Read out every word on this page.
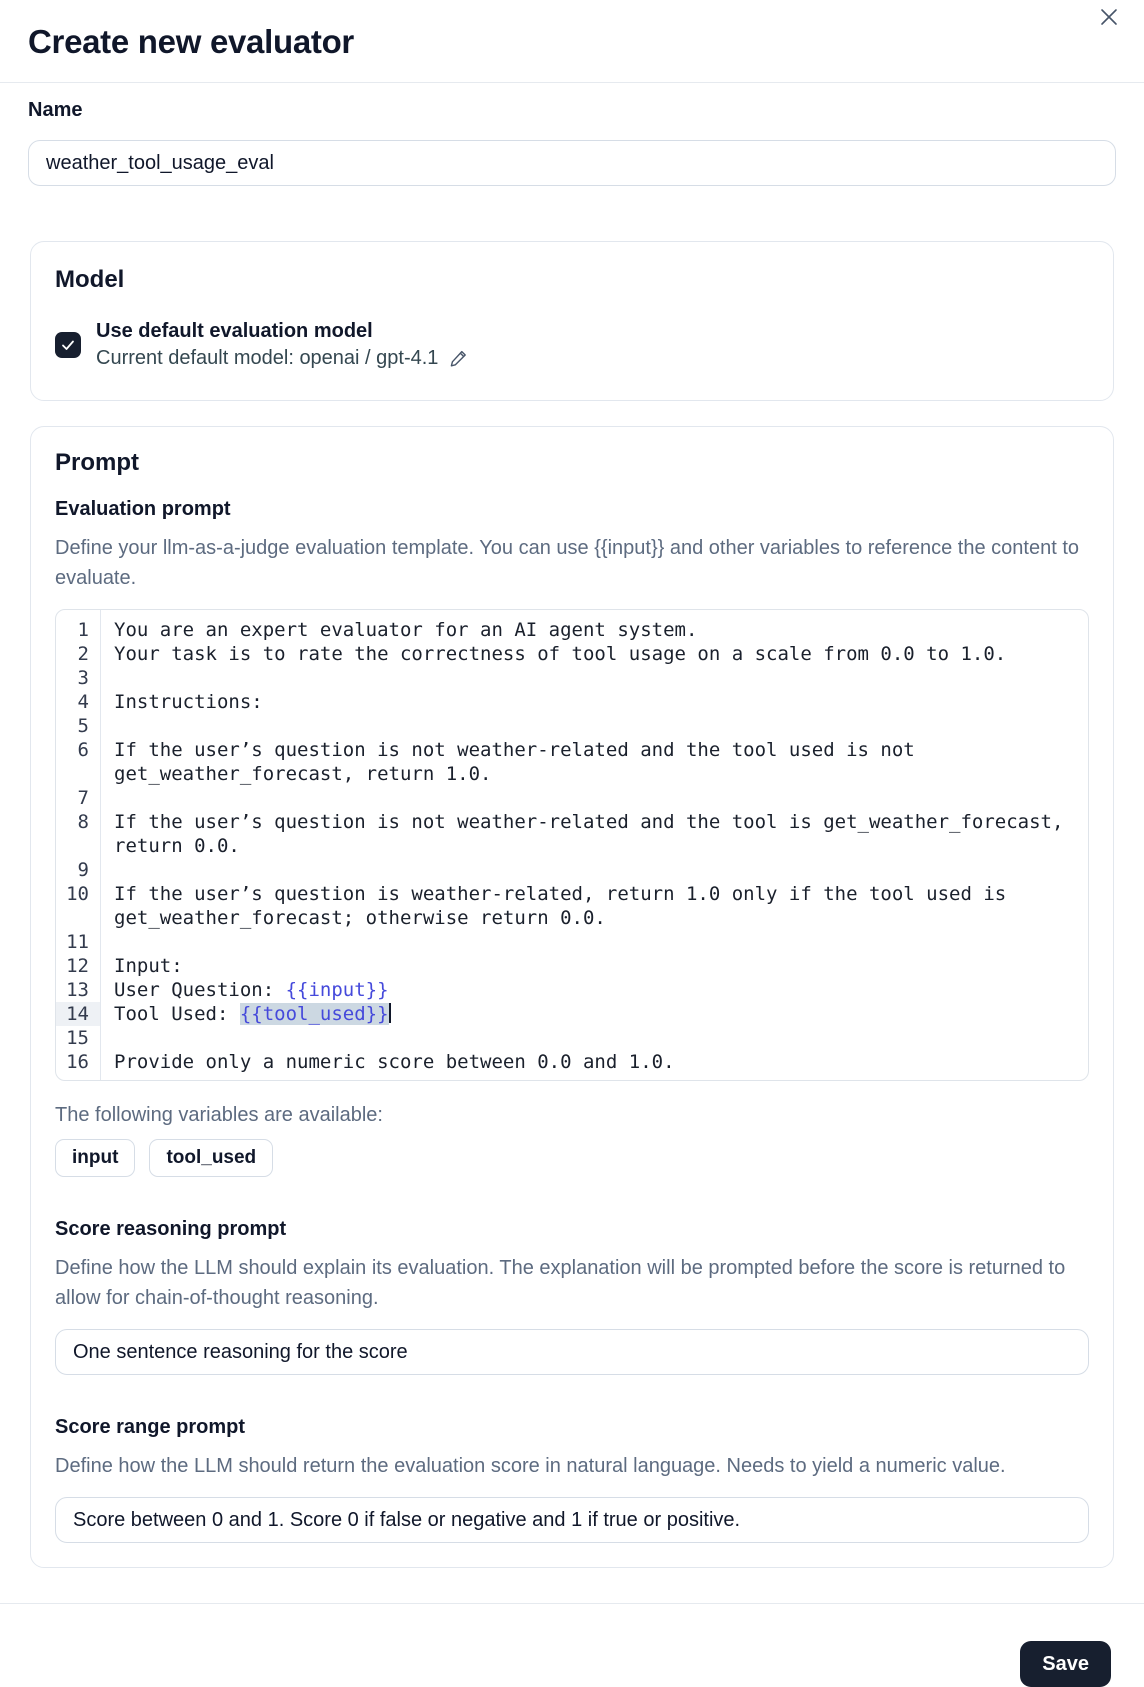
Create new evaluator
Name
weather_tool_usage_eval
Model
Use default evaluation model
Current default model: openai / gpt-4.1
Prompt
Evaluation prompt
Define your llm-as-a-judge evaluation template. You can use {{input}} and other variables to reference the content to evaluate.
1	You are an expert evaluator for an AI agent system.
2	Your task is to rate the correctness of tool usage on a scale from 0.0 to 1.0.
3

4	Instructions:
5

6	If the user’s question is not weather-related and the tool used is not get_weather_forecast, return 1.0.
7

8	If the user’s question is not weather-related and the tool is get_weather_forecast, return 0.0.
9

10	If the user’s question is weather-related, return 1.0 only if the tool used is get_weather_forecast; otherwise return 0.0.
11

12	Input:
13	User Question: {{input}}
14	Tool Used: {{tool_used}}
15

16	Provide only a numeric score between 0.0 and 1.0.
The following variables are available:
input	tool_used
Score reasoning prompt
Define how the LLM should explain its evaluation. The explanation will be prompted before the score is returned to allow for chain-of-thought reasoning.
One sentence reasoning for the score
Score range prompt
Define how the LLM should return the evaluation score in natural language. Needs to yield a numeric value.
Score between 0 and 1. Score 0 if false or negative and 1 if true or positive.
Save
